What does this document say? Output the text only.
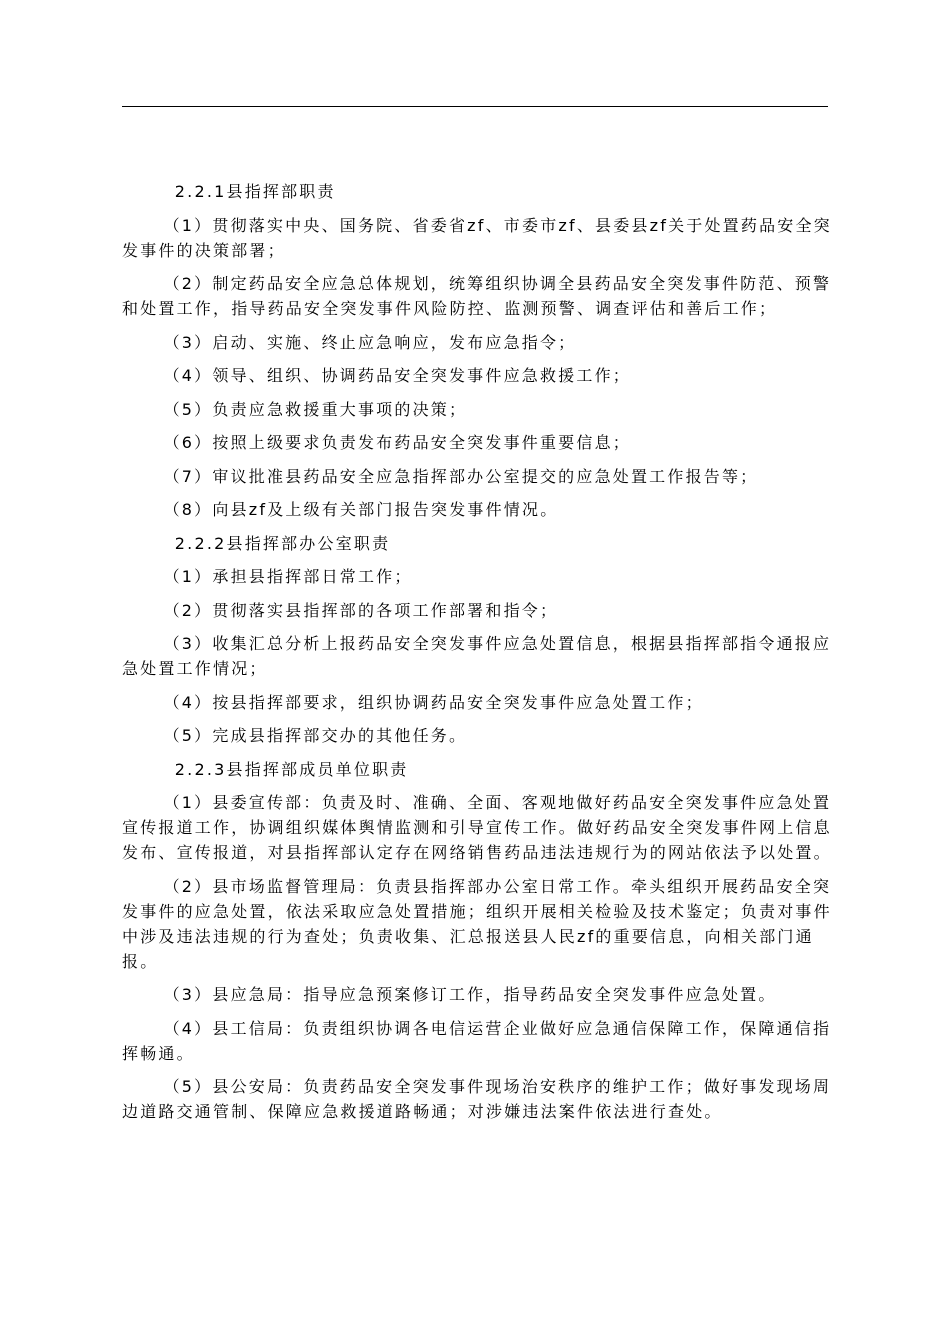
2.2.1县指挥部职责
（1）贯彻落实中央、国务院、省委省zf、市委市zf、县委县zf关于处置药品安全突发事件的决策部署；
（2）制定药品安全应急总体规划，统筹组织协调全县药品安全突发事件防范、预警和处置工作，指导药品安全突发事件风险防控、监测预警、调查评估和善后工作；
（3）启动、实施、终止应急响应，发布应急指令；
（4）领导、组织、协调药品安全突发事件应急救援工作；
（5）负责应急救援重大事项的决策；
（6）按照上级要求负责发布药品安全突发事件重要信息；
（7）审议批准县药品安全应急指挥部办公室提交的应急处置工作报告等；
（8）向县zf及上级有关部门报告突发事件情况。
2.2.2县指挥部办公室职责
（1）承担县指挥部日常工作；
（2）贯彻落实县指挥部的各项工作部署和指令；
（3）收集汇总分析上报药品安全突发事件应急处置信息，根据县指挥部指令通报应急处置工作情况；
（4）按县指挥部要求，组织协调药品安全突发事件应急处置工作；
（5）完成县指挥部交办的其他任务。
2.2.3县指挥部成员单位职责
（1）县委宣传部：负责及时、准确、全面、客观地做好药品安全突发事件应急处置宣传报道工作，协调组织媒体舆情监测和引导宣传工作。做好药品安全突发事件网上信息发布、宣传报道，对县指挥部认定存在网络销售药品违法违规行为的网站依法予以处置。
（2）县市场监督管理局：负责县指挥部办公室日常工作。牵头组织开展药品安全突发事件的应急处置，依法采取应急处置措施；组织开展相关检验及技术鉴定；负责对事件中涉及违法违规的行为查处；负责收集、汇总报送县人民zf的重要信息，向相关部门通报。
（3）县应急局：指导应急预案修订工作，指导药品安全突发事件应急处置。
（4）县工信局：负责组织协调各电信运营企业做好应急通信保障工作，保障通信指挥畅通。
（5）县公安局：负责药品安全突发事件现场治安秩序的维护工作；做好事发现场周边道路交通管制、保障应急救援道路畅通；对涉嫌违法案件依法进行查处。
